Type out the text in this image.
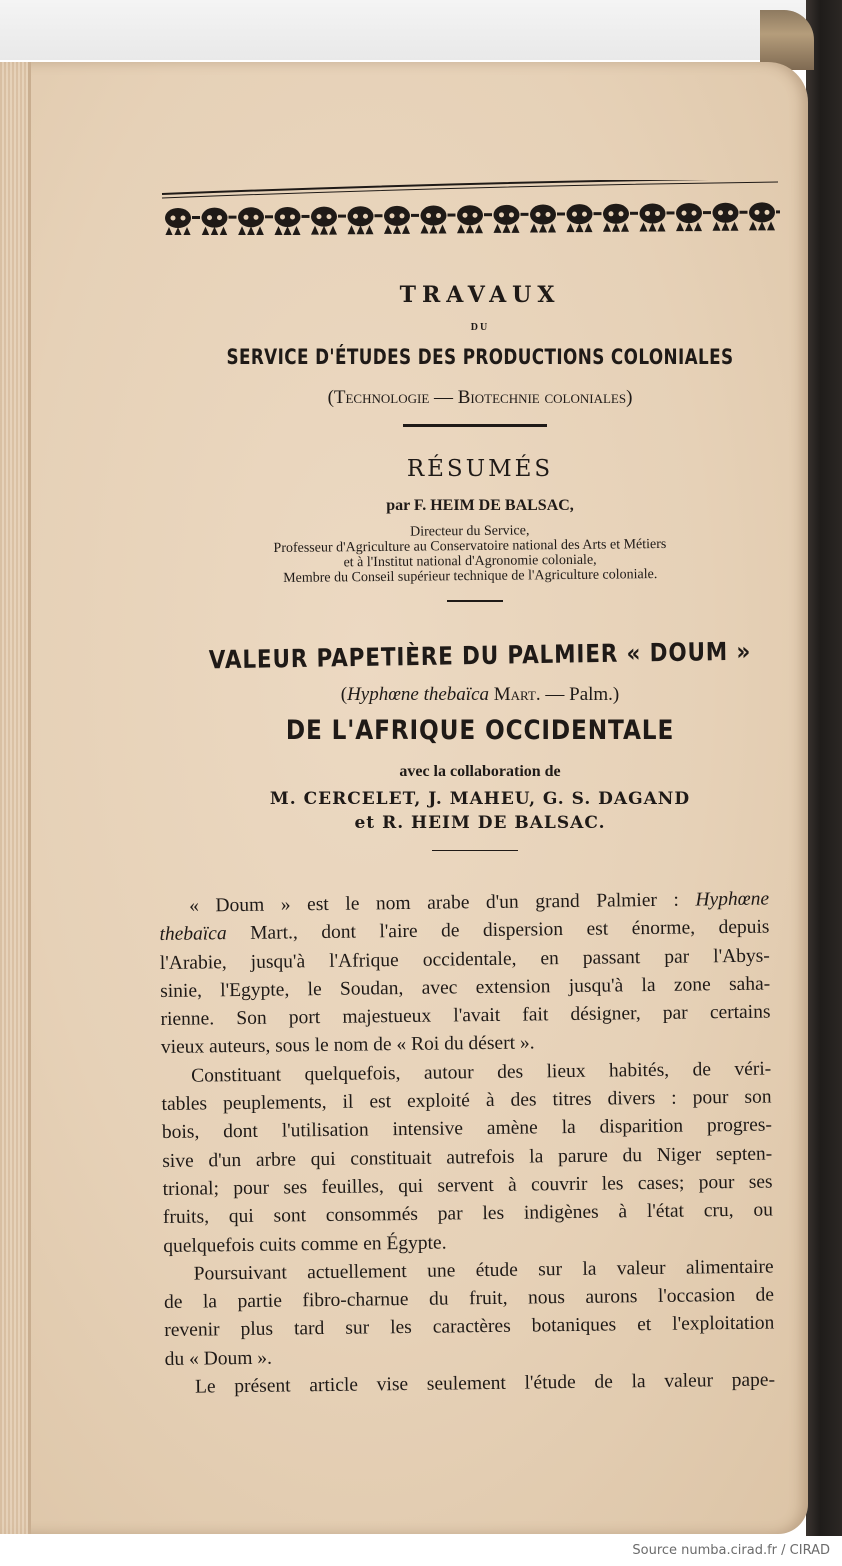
TRAVAUX
DU
SERVICE D'ÉTUDES DES PRODUCTIONS COLONIALES
(Technologie — Biotechnie coloniales)
RÉSUMÉS
par F. HEIM DE BALSAC,
Directeur du Service,
Professeur d'Agriculture au Conservatoire national des Arts et Métiers
et à l'Institut national d'Agronomie coloniale,
Membre du Conseil supérieur technique de l'Agriculture coloniale.
VALEUR PAPETIÈRE DU PALMIER « DOUM »
(Hyphœne thebaïca Mart. — Palm.)
DE L'AFRIQUE OCCIDENTALE
avec la collaboration de
M. CERCELET, J. MAHEU, G. S. DAGAND
et R. HEIM DE BALSAC.
« Doum » est le nom arabe d'un grand Palmier : Hyphœne
thebaïca Mart., dont l'aire de dispersion est énorme, depuis
l'Arabie, jusqu'à l'Afrique occidentale, en passant par l'Abys-
sinie, l'Egypte, le Soudan, avec extension jusqu'à la zone saha-
rienne. Son port majestueux l'avait fait désigner, par certains
vieux auteurs, sous le nom de « Roi du désert ».
Constituant quelquefois, autour des lieux habités, de véri-
tables peuplements, il est exploité à des titres divers : pour son
bois, dont l'utilisation intensive amène la disparition progres-
sive d'un arbre qui constituait autrefois la parure du Niger septen-
trional; pour ses feuilles, qui servent à couvrir les cases; pour ses
fruits, qui sont consommés par les indigènes à l'état cru, ou
quelquefois cuits comme en Égypte.
Poursuivant actuellement une étude sur la valeur alimentaire
de la partie fibro-charnue du fruit, nous aurons l'occasion de
revenir plus tard sur les caractères botaniques et l'exploitation
du « Doum ».
Le présent article vise seulement l'étude de la valeur pape-
Source numba.cirad.fr / CIRAD
